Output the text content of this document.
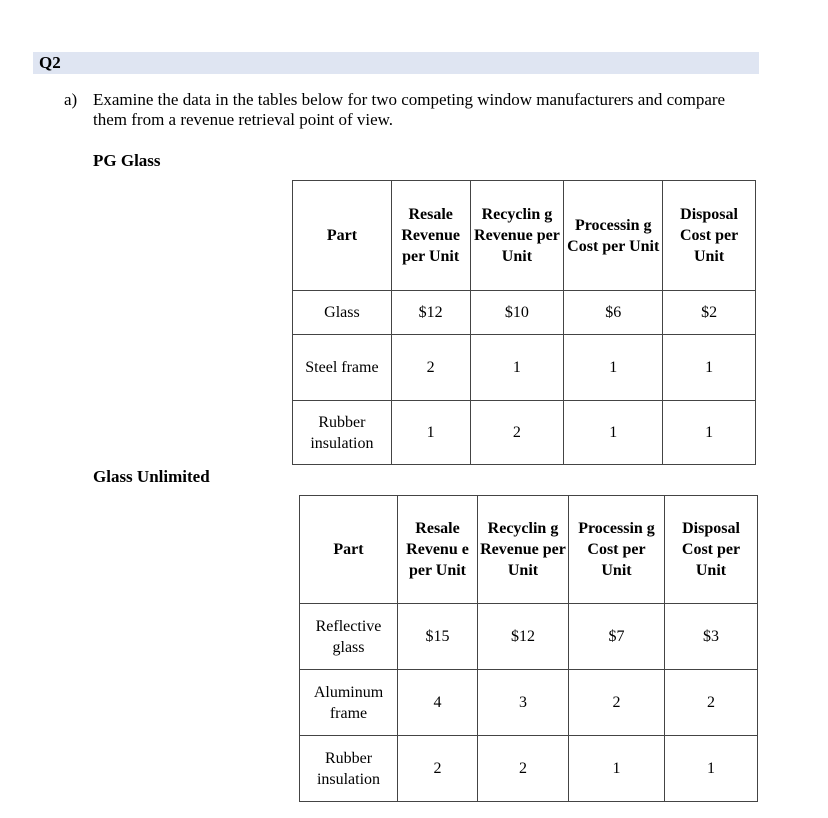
Q2
a) Examine the data in the tables below for two competing window manufacturers and compare them from a revenue retrieval point of view.
PG Glass
Part	Resale Revenue per Unit	Recyclin g Revenue per Unit	Processin g Cost per Unit	Disposal Cost per Unit
Glass	$12	$10	$6	$2
Steel frame	2	1	1	1
Rubber insulation	1	2	1	1
Glass Unlimited
Part	Resale Revenu e per Unit	Recyclin g Revenue per Unit	Processin g Cost per Unit	Disposal Cost per Unit
Reflective glass	$15	$12	$7	$3
Aluminum frame	4	3	2	2
Rubber insulation	2	2	1	1
